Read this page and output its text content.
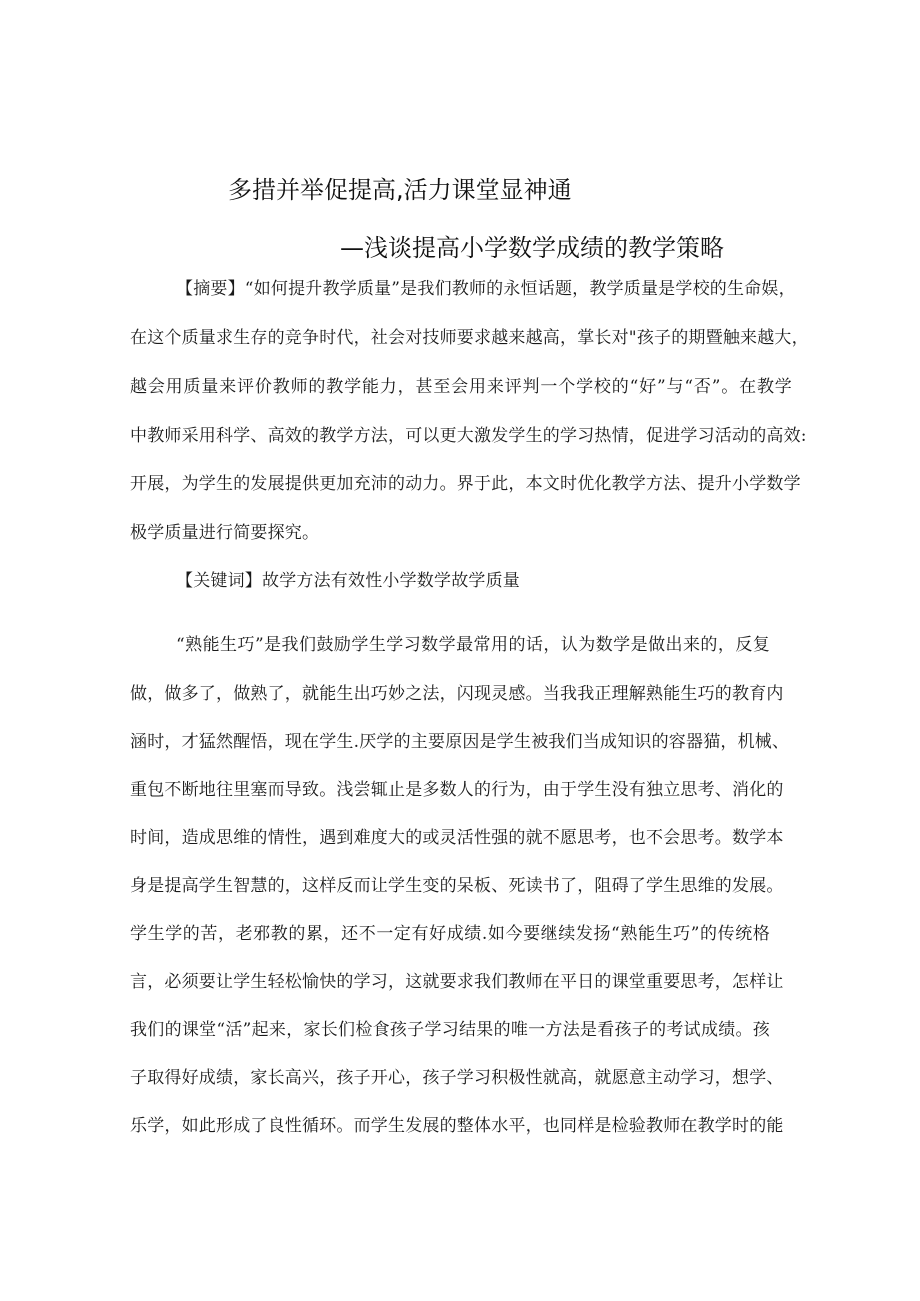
多措并举促提高,活力课堂显神通
—浅谈提高小学数学成绩的教学策略
【摘要】“如何提升教学质量”是我们教师的永恒话题，教学质量是学校的生命娱，
在这个质量求生存的竞争时代，社会对技师要求越来越高，掌长对"孩子的期暨触来越大，
越会用质量来评价教师的教学能力，甚至会用来评判一个学校的“好”与“否”。在教学
中教师采用科学、高效的教学方法，可以更大激发学生的学习热情，促进学习活动的高效:
开展，为学生的发展提供更加充沛的动力。界于此，本文时优化教学方法、提升小学数学
极学质量进行简要探究。
【关键词】故学方法有效性小学数学故学质量
“熟能生巧”是我们鼓励学生学习数学最常用的话，认为数学是做出来的，反复
做，做多了，做熟了，就能生出巧妙之法，闪现灵感。当我我正理解熟能生巧的教育内
涵时，才猛然醒悟，现在学生.厌学的主要原因是学生被我们当成知识的容器猫，机械、
重包不断地往里塞而导致。浅尝辄止是多数人的行为，由于学生没有独立思考、消化的
时间，造成思维的情性，遇到难度大的或灵活性强的就不愿思考，也不会思考。数学本
身是提高学生智慧的，这样反而让学生变的呆板、死读书了，阻碍了学生思维的发展。
学生学的苦，老邪教的累，还不一定有好成绩.如今要继续发扬“熟能生巧”的传统格
言，必须要让学生轻松愉快的学习，这就要求我们教师在平日的课堂重要思考，怎样让
我们的课堂“活”起来，家长们检食孩子学习结果的唯一方法是看孩子的考试成绩。孩
子取得好成绩，家长高兴，孩子开心，孩子学习积极性就高，就愿意主动学习，想学、
乐学，如此形成了良性循环。而学生发展的整体水平，也同样是检验教师在教学时的能
